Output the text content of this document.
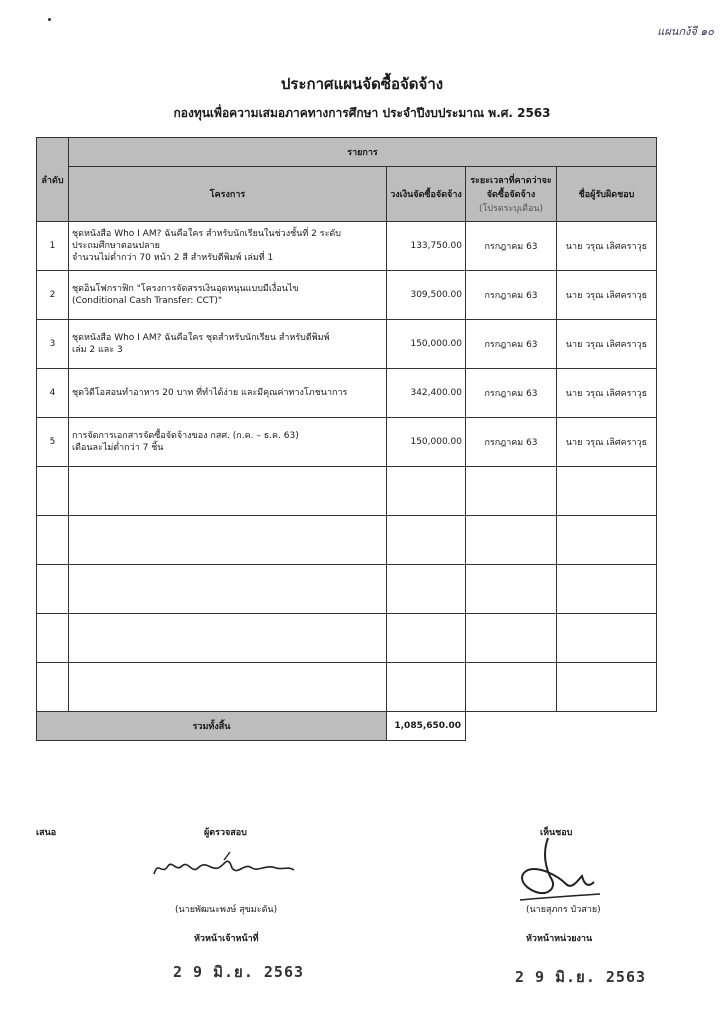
แผนกง้จี ๑๐
ประกาศแผนจัดซื้อจัดจ้าง
กองทุนเพื่อความเสมอภาคทางการศึกษา ประจำปีงบประมาณ พ.ศ. 2563
ลำดับ	รายการ			
	โครงการ	วงเงินจัดซื้อจัดจ้าง	ระยะเวลาที่คาดว่าจะจัดซื้อจัดจ้าง
(โปรดระบุเดือน)	ชื่อผู้รับผิดชอบ
1	ชุดหนังสือ Who I AM? ฉันคือใคร สำหรับนักเรียนในช่วงชั้นที่ 2 ระดับ
ประถมศึกษาตอนปลาย
จำนวนไม่ต่ำกว่า 70 หน้า 2 สี สำหรับตีพิมพ์ เล่มที่ 1	133,750.00	กรกฎาคม 63	นาย วรุณ เลิศคราวุธ
2	ชุดอินโฟกราฟิก "โครงการจัดสรรเงินอุดหนุนแบบมีเงื่อนไข
(Conditional Cash Transfer: CCT)"	309,500.00	กรกฎาคม 63	นาย วรุณ เลิศคราวุธ
3	ชุดหนังสือ Who I AM? ฉันคือใคร ชุดสำหรับนักเรียน สำหรับตีพิมพ์
เล่ม 2 และ 3	150,000.00	กรกฎาคม 63	นาย วรุณ เลิศคราวุธ
4	ชุดวิดีโอสอนทำอาหาร 20 บาท ที่ทำได้ง่าย และมีคุณค่าทางโภชนาการ	342,400.00	กรกฎาคม 63	นาย วรุณ เลิศคราวุธ
5	การจัดการเอกสารจัดซื้อจัดจ้างของ กสศ. (ก.ค. – ธ.ค. 63)
เดือนละไม่ต่ำกว่า 7 ชิ้น	150,000.00	กรกฎาคม 63	นาย วรุณ เลิศคราวุธ

รวมทั้งสิ้น		1,085,650.00		
เสนอ	ผู้ตรวจสอบ	เห็นชอบ
(นายพัฒนะพงษ์ สุขมะดัน)
หัวหน้าเจ้าหน้าที่
2 9 มิ.ย. 2563
(นายสุภกร บัวสาย)
หัวหน้าหน่วยงาน
2 9 มิ.ย. 2563
